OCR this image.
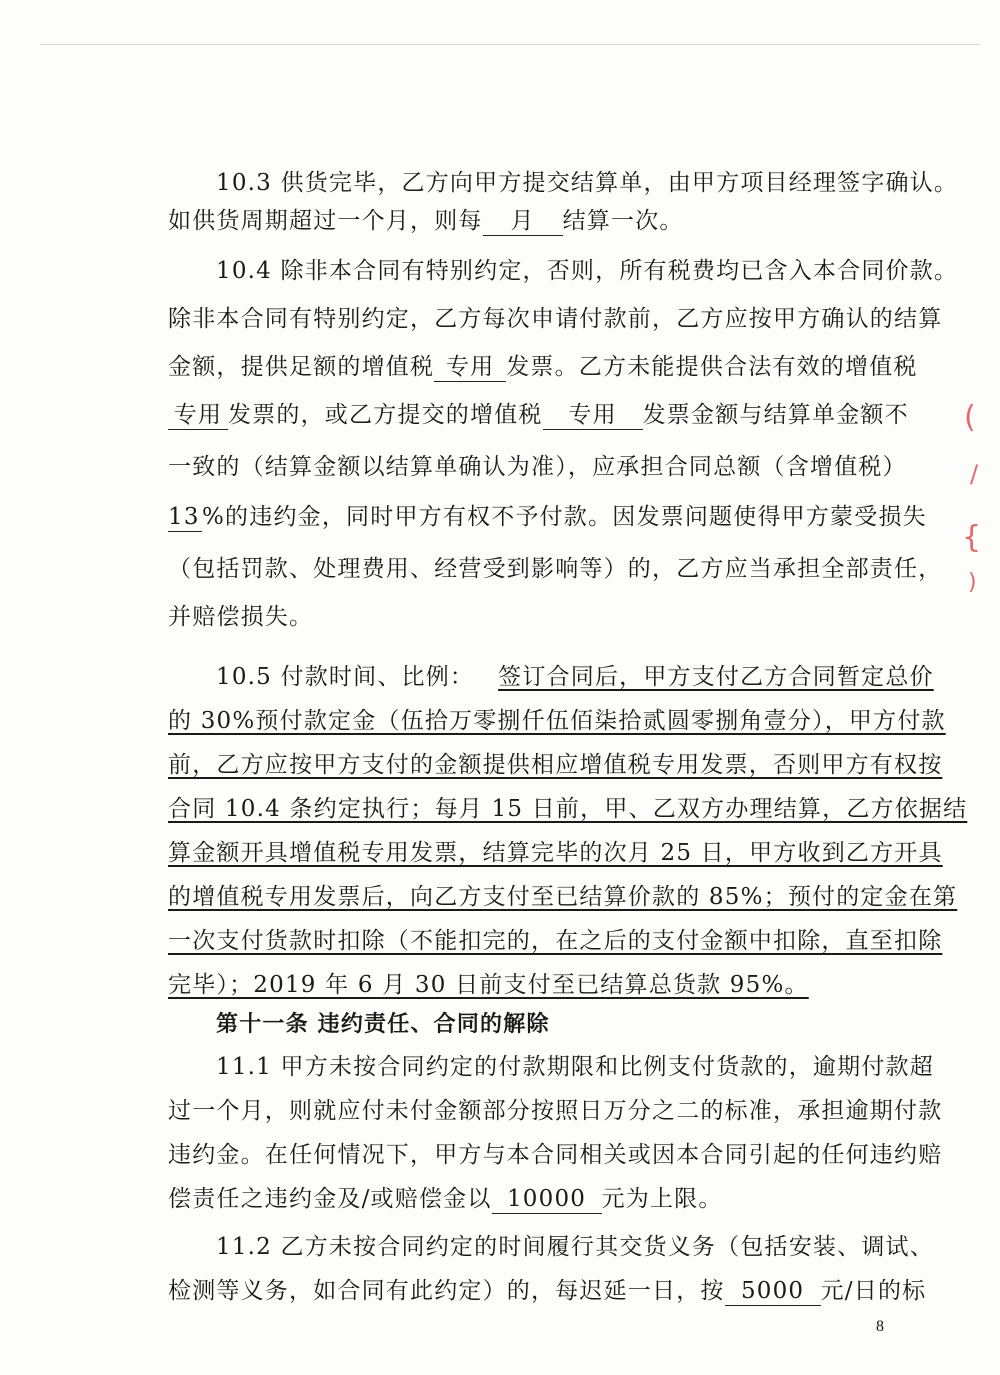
10.3 供货完毕，乙方向甲方提交结算单，由甲方项目经理签字确认。
如供货周期超过一个月，则每 月 结算一次。
10.4 除非本合同有特别约定，否则，所有税费均已含入本合同价款。
除非本合同有特别约定，乙方每次申请付款前，乙方应按甲方确认的结算
金额，提供足额的增值税 专用 发票。乙方未能提供合法有效的增值税
专用 发票的，或乙方提交的增值税 专用 发票金额与结算单金额不
一致的（结算金额以结算单确认为准），应承担合同总额（含增值税）
13 %的违约金，同时甲方有权不予付款。因发票问题使得甲方蒙受损失
（包括罚款、处理费用、经营受到影响等）的，乙方应当承担全部责任，
并赔偿损失。
10.5 付款时间、比例： 签订合同后，甲方支付乙方合同暂定总价
的 30%预付款定金（伍拾万零捌仟伍佰柒拾贰圆零捌角壹分），甲方付款
前，乙方应按甲方支付的金额提供相应增值税专用发票，否则甲方有权按
合同 10.4 条约定执行；每月 15 日前，甲、乙双方办理结算，乙方依据结
算金额开具增值税专用发票，结算完毕的次月 25 日，甲方收到乙方开具
的增值税专用发票后，向乙方支付至已结算价款的 85%；预付的定金在第
一次支付货款时扣除（不能扣完的，在之后的支付金额中扣除，直至扣除
完毕）；2019 年 6 月 30 日前支付至已结算总货款 95%。
第十一条 违约责任、合同的解除
11.1 甲方未按合同约定的付款期限和比例支付货款的，逾期付款超
过一个月，则就应付未付金额部分按照日万分之二的标准，承担逾期付款
违约金。在任何情况下，甲方与本合同相关或因本合同引起的任何违约赔
偿责任之违约金及/或赔偿金以 10000 元为上限。
11.2 乙方未按合同约定的时间履行其交货义务（包括安装、调试、
检测等义务，如合同有此约定）的，每迟延一日，按 5000 元/日的标
8
(
/
{
)
